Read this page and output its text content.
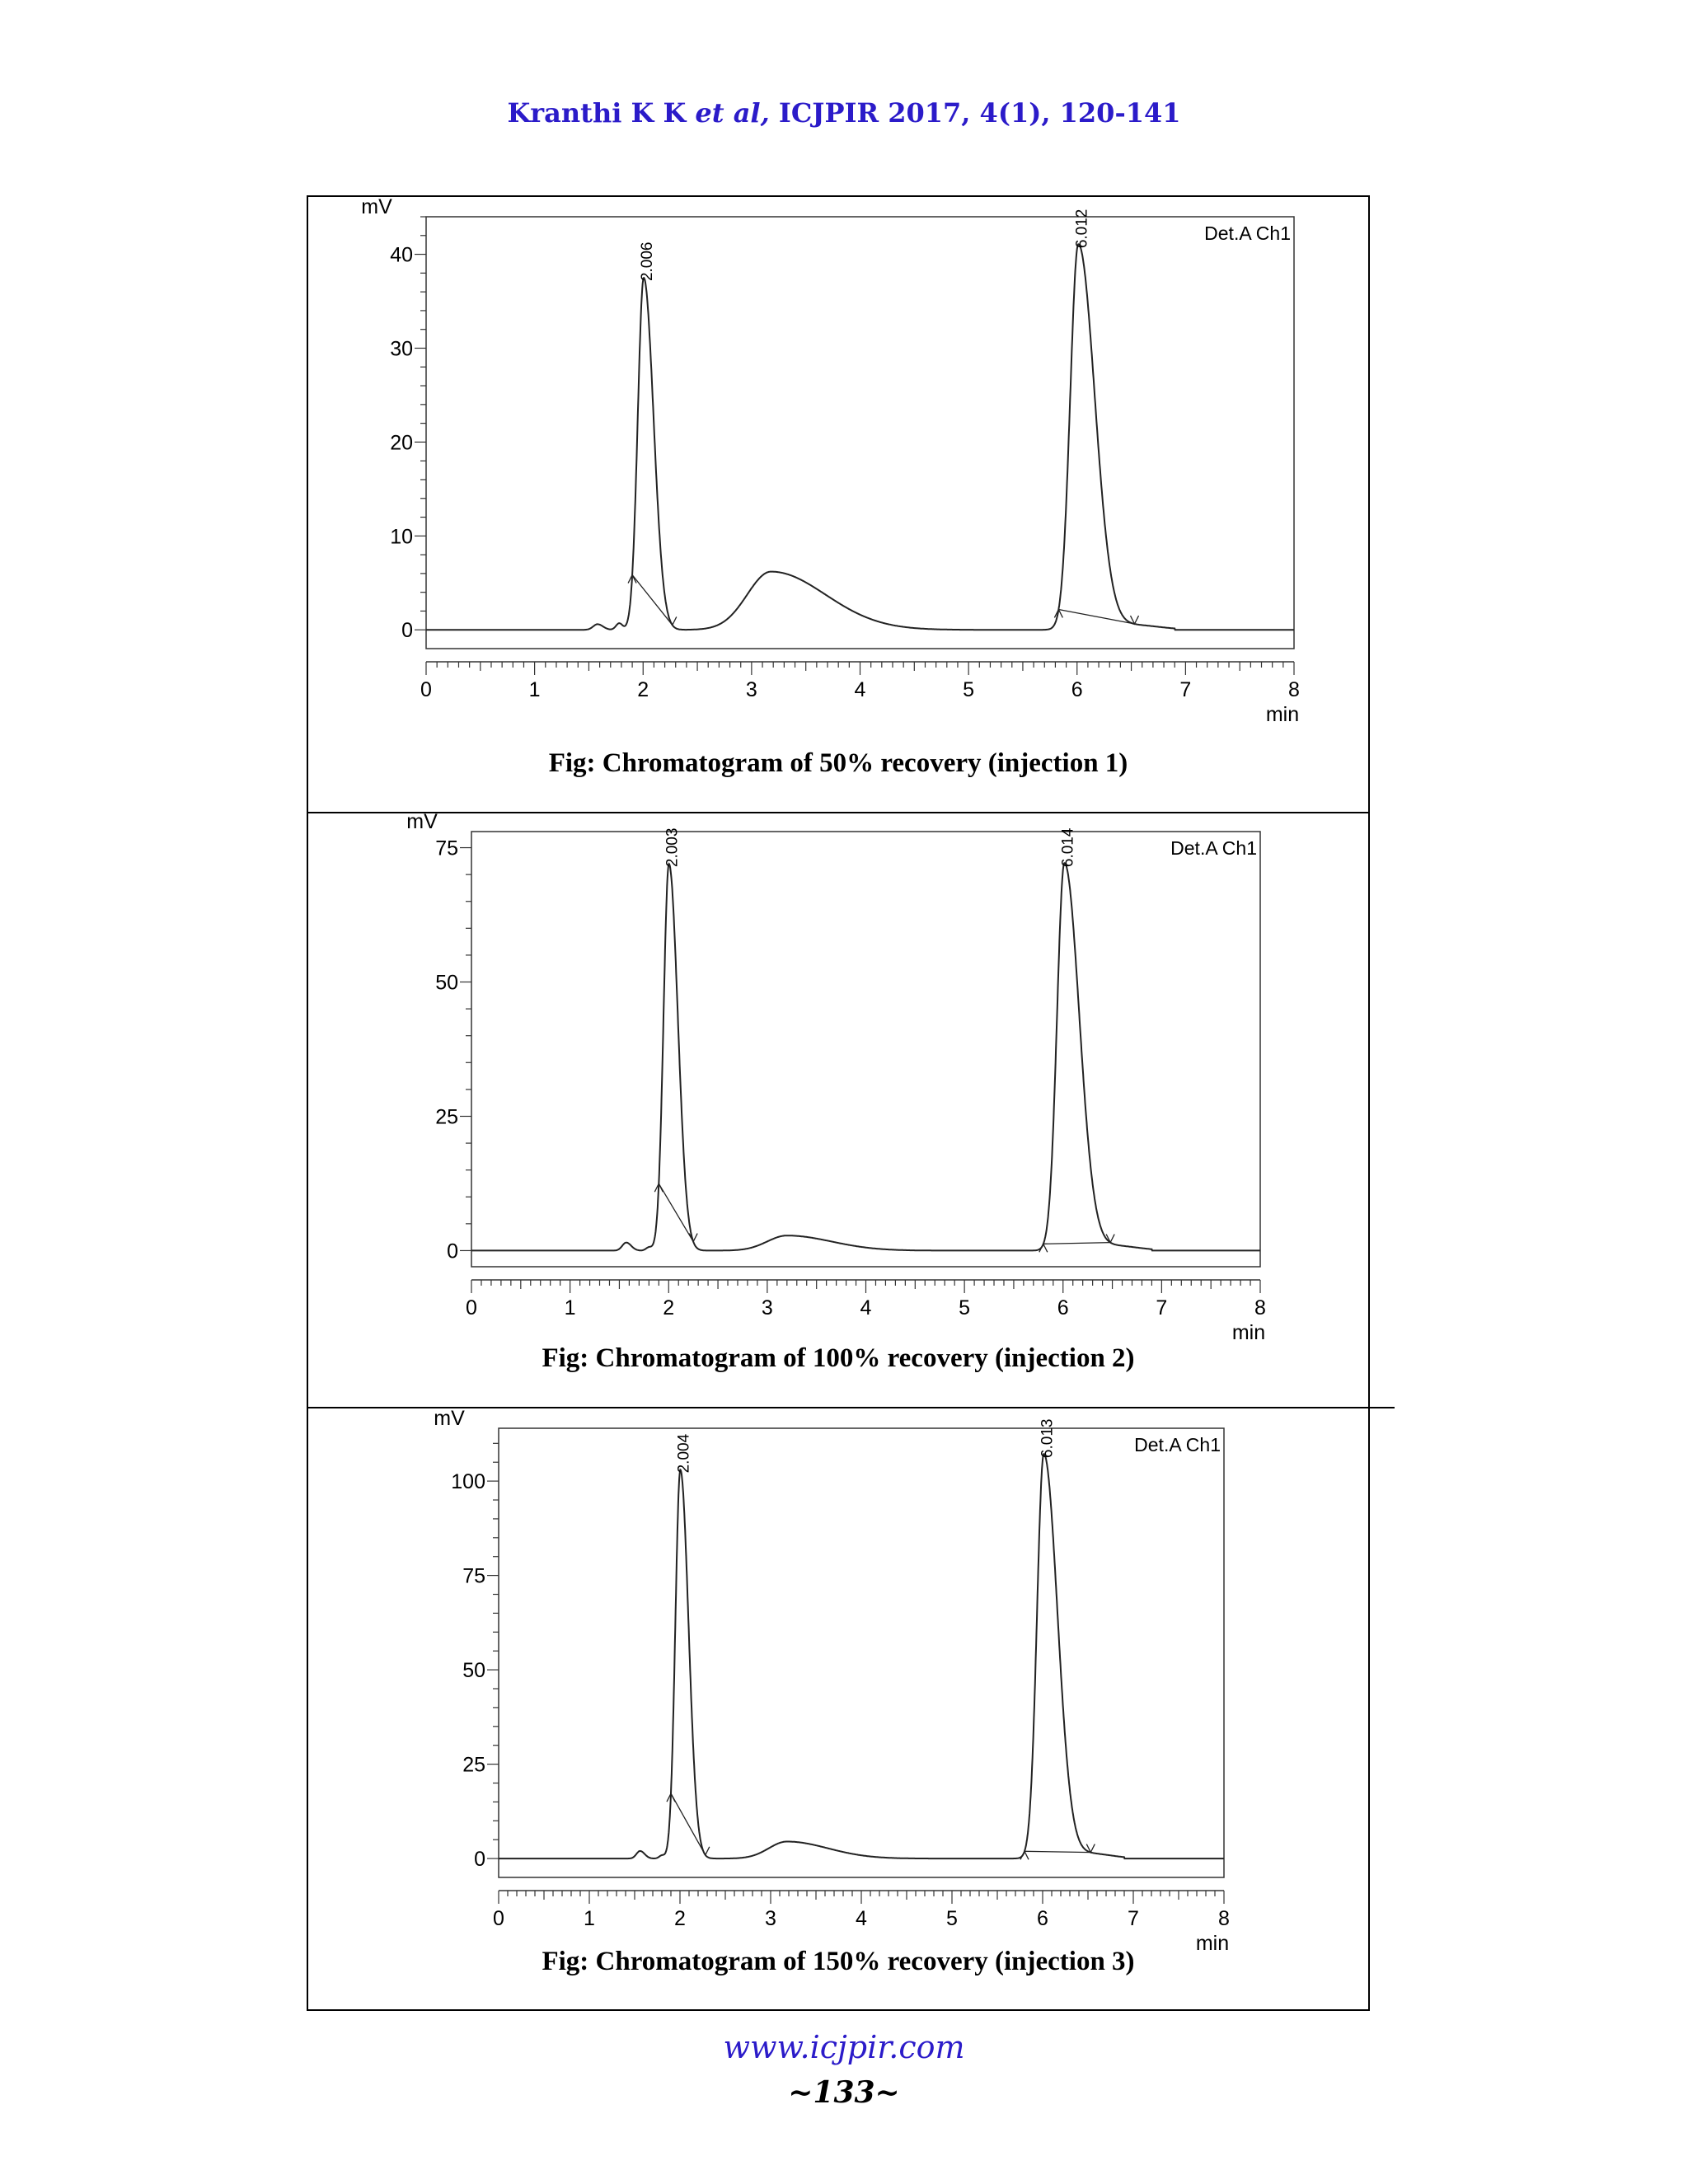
Kranthi K K et al, ICJPIR 2017, 4(1), 120-141
0
10
20
30
40
0	1	2	3	4	5	6	7	8
mV
min
Det.A Ch1
2.006
6.012
0
25
50
75
0	1	2	3	4	5	6	7	8
mV
min
Det.A Ch1
2.003	6.014
0
25
50
75
100
0	1	2	3	4	5	6	7	8
mV
min
Det.A Ch1
2.004	6.013
Fig: Chromatogram of 50% recovery (injection 1)
Fig: Chromatogram of 100% recovery (injection 2)
Fig: Chromatogram of 150% recovery (injection 3)
www.icjpir.com
~133~
